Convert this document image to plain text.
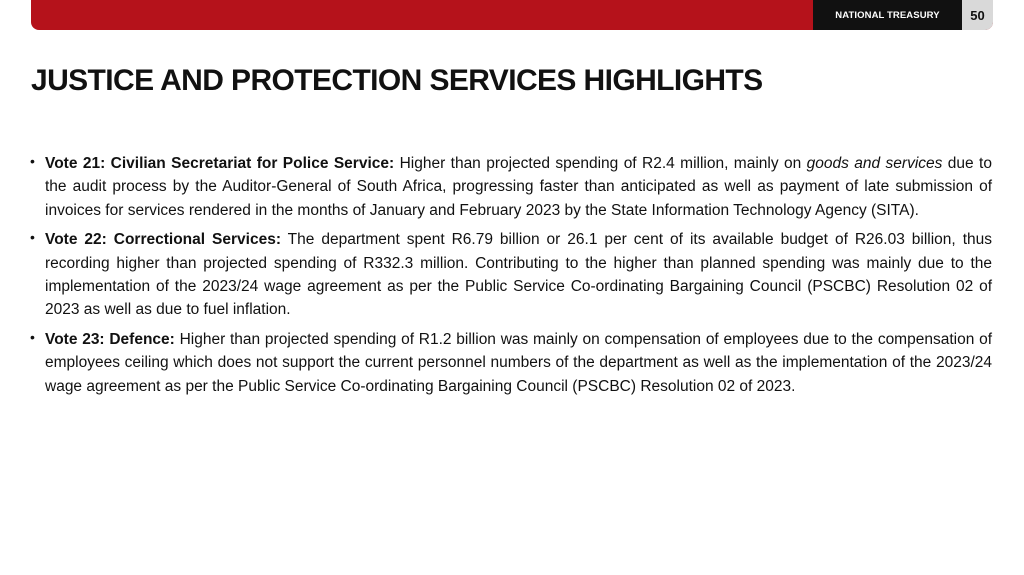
NATIONAL TREASURY	50
JUSTICE AND PROTECTION SERVICES HIGHLIGHTS
• Vote 21: Civilian Secretariat for Police Service: Higher than projected spending of R2.4 million, mainly on goods and services due to the audit process by the Auditor-General of South Africa, progressing faster than anticipated as well as payment of late submission of invoices for services rendered in the months of January and February 2023 by the State Information Technology Agency (SITA).
• Vote 22: Correctional Services: The department spent R6.79 billion or 26.1 per cent of its available budget of R26.03 billion, thus recording higher than projected spending of R332.3 million. Contributing to the higher than planned spending was mainly due to the implementation of the 2023/24 wage agreement as per the Public Service Co-ordinating Bargaining Council (PSCBC) Resolution 02 of 2023 as well as due to fuel inflation.
• Vote 23: Defence: Higher than projected spending of R1.2 billion was mainly on compensation of employees due to the compensation of employees ceiling which does not support the current personnel numbers of the department as well as the implementation of the 2023/24 wage agreement as per the Public Service Co-ordinating Bargaining Council (PSCBC) Resolution 02 of 2023.
